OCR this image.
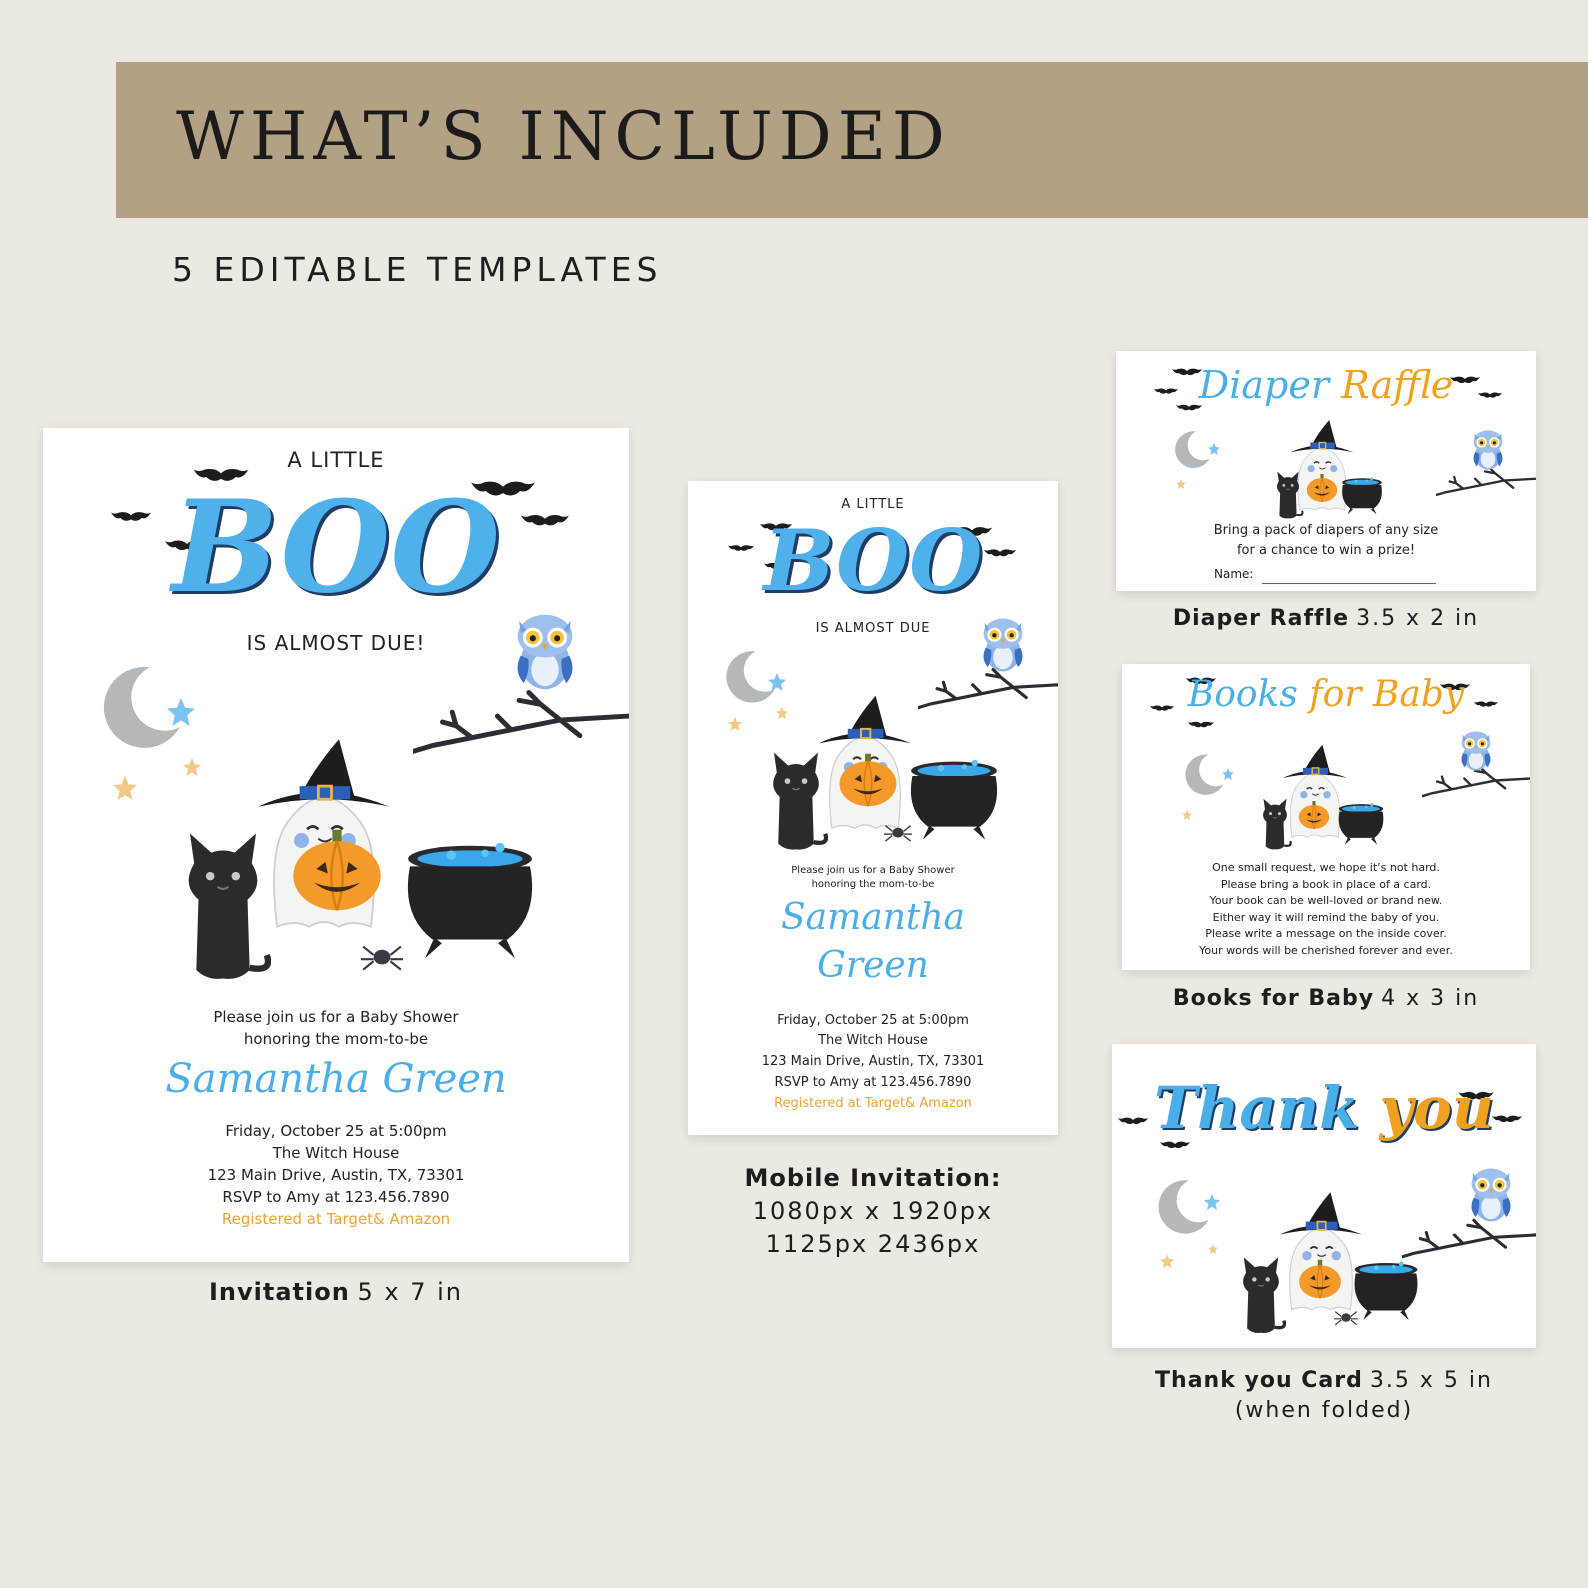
WHAT’S INCLUDED
5 EDITABLE TEMPLATES
A LITTLE
BOO
IS ALMOST DUE!
Please join us for a Baby Shower
honoring the mom-to-be
Samantha Green
Friday, October 25 at 5:00pm
The Witch House
123 Main Drive, Austin, TX, 73301
RSVP to Amy at 123.456.7890
Registered at Target& Amazon
Invitation 5 x 7 in
A LITTLE
BOO
IS ALMOST DUE
Please join us for a Baby Shower
honoring the mom-to-be
Samantha
Green
Friday, October 25 at 5:00pm
The Witch House
123 Main Drive, Austin, TX, 73301
RSVP to Amy at 123.456.7890
Registered at Target& Amazon
Mobile Invitation:
1080px x 1920px
1125px 2436px
Diaper Raffle
Bring a pack of diapers of any size
for a chance to win a prize!
Name:
Diaper Raffle 3.5 x 2 in
Books for Baby
One small request, we hope it’s not hard.
Please bring a book in place of a card.
Your book can be well-loved or brand new.
Either way it will remind the baby of you.
Please write a message on the inside cover.
Your words will be cherished forever and ever.
Books for Baby 4 x 3 in
Thank you
Thank you Card 3.5 x 5 in
(when folded)
